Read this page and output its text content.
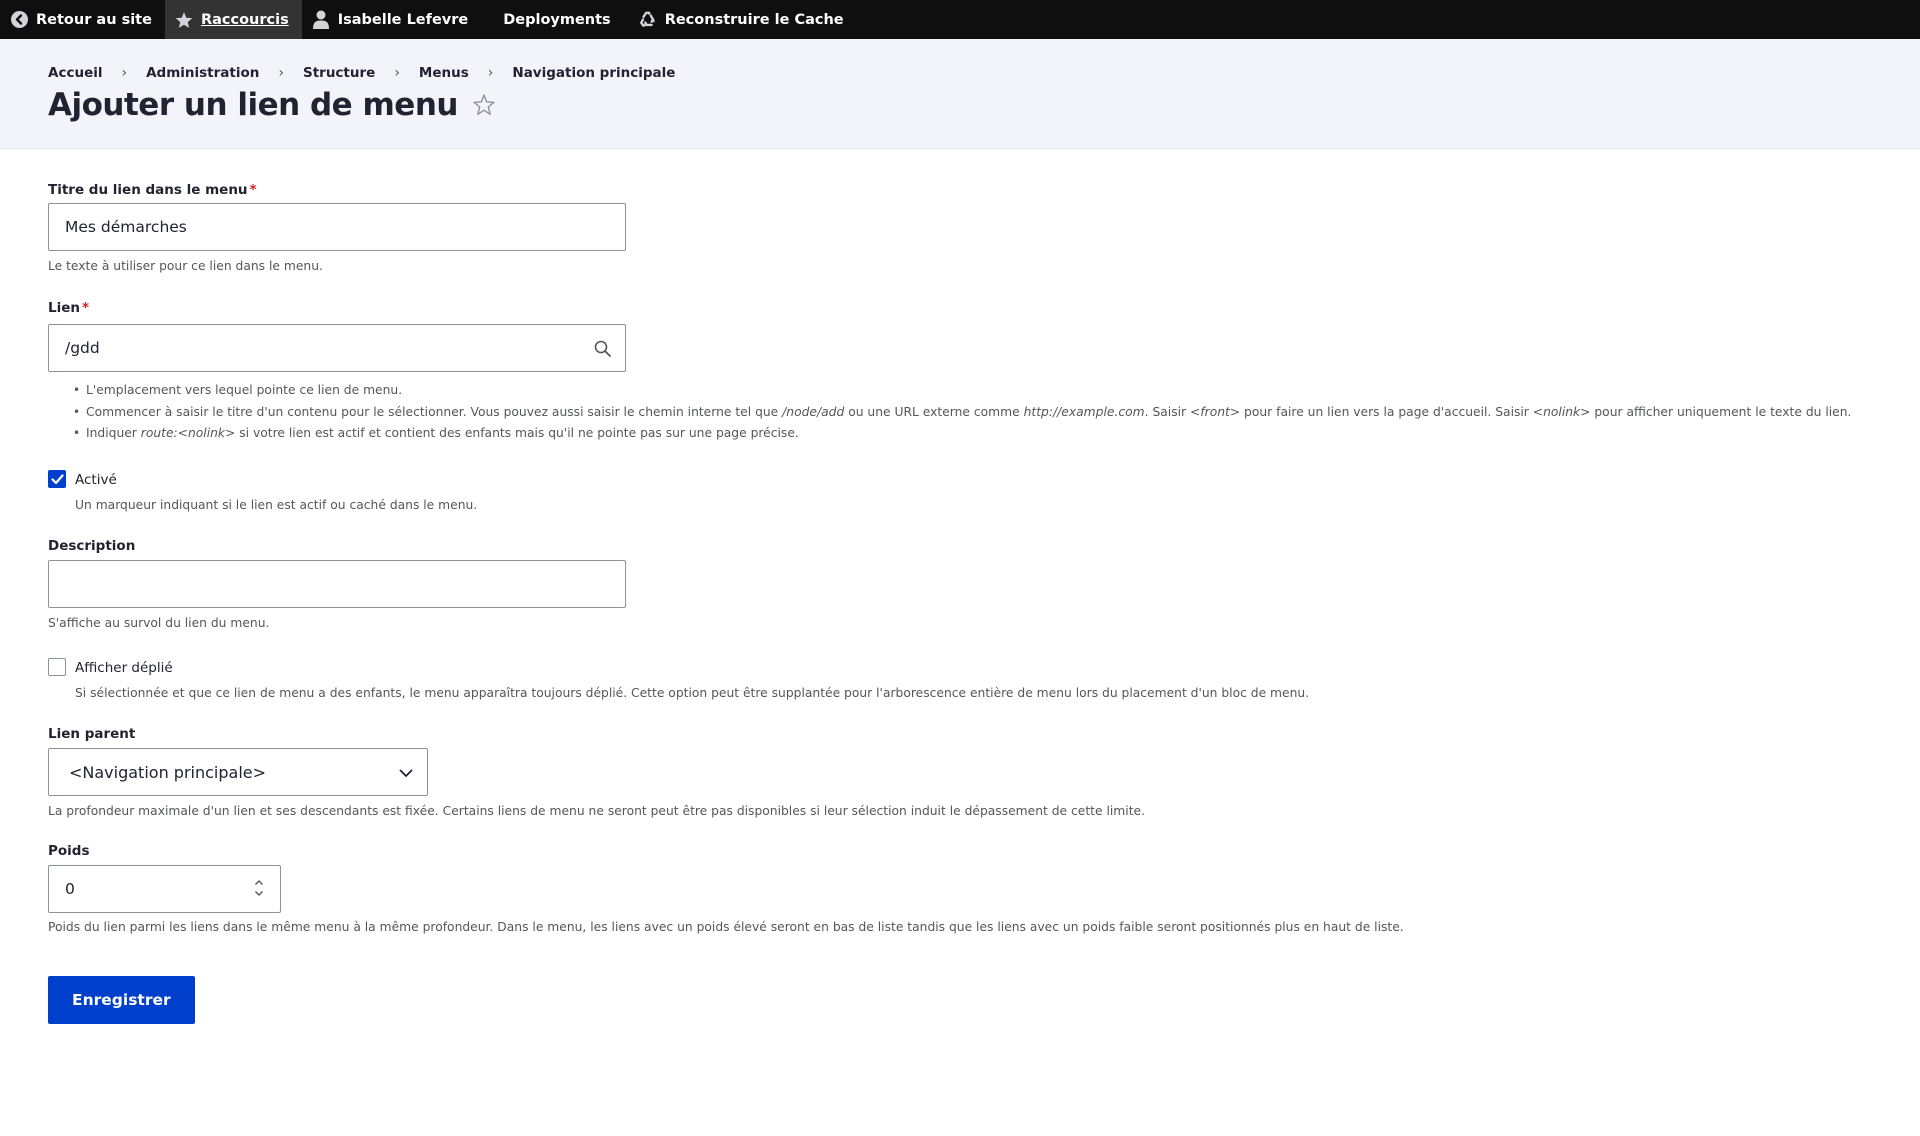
Retour au site	Raccourcis	Isabelle Lefevre Deployments	Reconstruire le Cache
Accueil › Administration › Structure › Menus › Navigation principale
Ajouter un lien de menu
Titre du lien dans le menu *
Mes démarches
Le texte à utiliser pour ce lien dans le menu.
Lien *
/gdd
• L'emplacement vers lequel pointe ce lien de menu.
• Commencer à saisir le titre d'un contenu pour le sélectionner. Vous pouvez aussi saisir le chemin interne tel que /node/add ou une URL externe comme http://example.com. Saisir <front> pour faire un lien vers la page d'accueil. Saisir <nolink> pour afficher uniquement le texte du lien.
• Indiquer route:<nolink> si votre lien est actif et contient des enfants mais qu'il ne pointe pas sur une page précise.
Activé
Un marqueur indiquant si le lien est actif ou caché dans le menu.
Description
S'affiche au survol du lien du menu.
Afficher déplié
Si sélectionnée et que ce lien de menu a des enfants, le menu apparaîtra toujours déplié. Cette option peut être supplantée pour l'arborescence entière de menu lors du placement d'un bloc de menu.
Lien parent
<Navigation principale>
La profondeur maximale d'un lien et ses descendants est fixée. Certains liens de menu ne seront peut être pas disponibles si leur sélection induit le dépassement de cette limite.
Poids
0
Poids du lien parmi les liens dans le même menu à la même profondeur. Dans le menu, les liens avec un poids élevé seront en bas de liste tandis que les liens avec un poids faible seront positionnés plus en haut de liste.
Enregistrer
